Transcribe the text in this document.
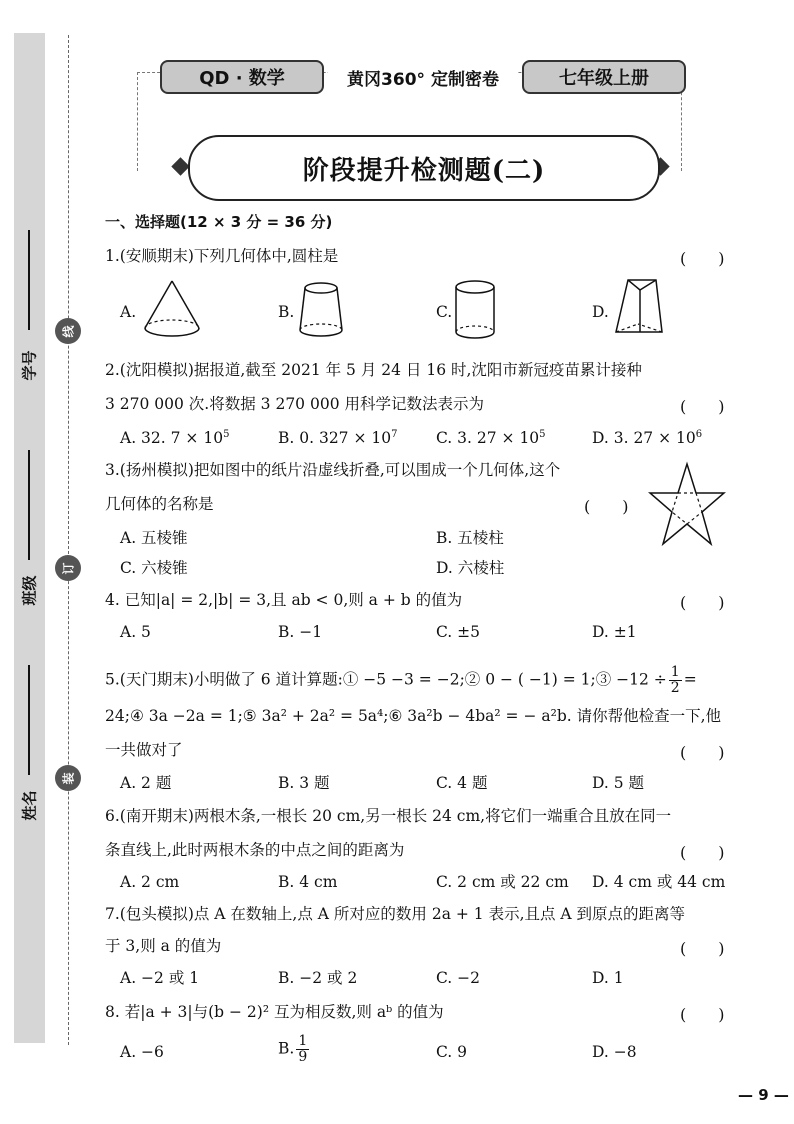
学号
班级
姓名
线
订
装
QD · 数学	黄冈360° 定制密卷	七年级上册
阶段提升检测题(二)
一、选择题(12 × 3 分 = 36 分)
1.(安顺期末)下列几何体中,圆柱是	(　　)
A.	B.	C.	D.
2.(沈阳模拟)据报道,截至 2021 年 5 月 24 日 16 时,沈阳市新冠疫苗累计接种
3 270 000 次.将数据 3 270 000 用科学记数法表示为	(　　)
A. 32. $7 \times 10^5$	B. 0. $327 \times 10^7$ C. 3. $27 \times 10^5$	D. 3. $27 \times 10^6$
3.(扬州模拟)把如图中的纸片沿虚线折叠,可以围成一个几何体,这个
几何体的名称是	(　　)
A. 五棱锥	B. 五棱柱
C. 六棱锥	D. 六棱柱
4. 已知|a| = 2,|b| = 3,且 ab < 0,则 a + b 的值为	(　　)
A. 5	B. −1	C. ±5	D. ±1
5.(天门期末)小明做了 6 道计算题:① −5 −3 = −2;② 0 − ( −1) = 1;③ $-12 \div \frac{1}{2}$ =
24;④ 3a −2a = 1;⑤ 3a² + 2a² = 5a⁴;⑥ 3a²b − 4ba² = − a²b. 请你帮他检查一下,他
一共做对了	(　　)
A. 2 题	B. 3 题	C. 4 题	D. 5 题
6.(南开期末)两根木条,一根长 20 cm,另一根长 24 cm,将它们一端重合且放在同一
条直线上,此时两根木条的中点之间的距离为	(　　)
A. 2 cm	B. 4 cm	C. 2 cm 或 22 cm D. 4 cm 或 44 cm
7.(包头模拟)点 A 在数轴上,点 A 所对应的数用 2a + 1 表示,且点 A 到原点的距离等
于 3,则 a 的值为	(　　)
A. −2 或 1	B. −2 或 2	C. −2	D. 1
8. 若|a + 3|与(b − 2)² 互为相反数,则 aᵇ 的值为	(　　)
A. −6	B. $\frac{1}{9}$	C. 9	D. −8
— 9 —
